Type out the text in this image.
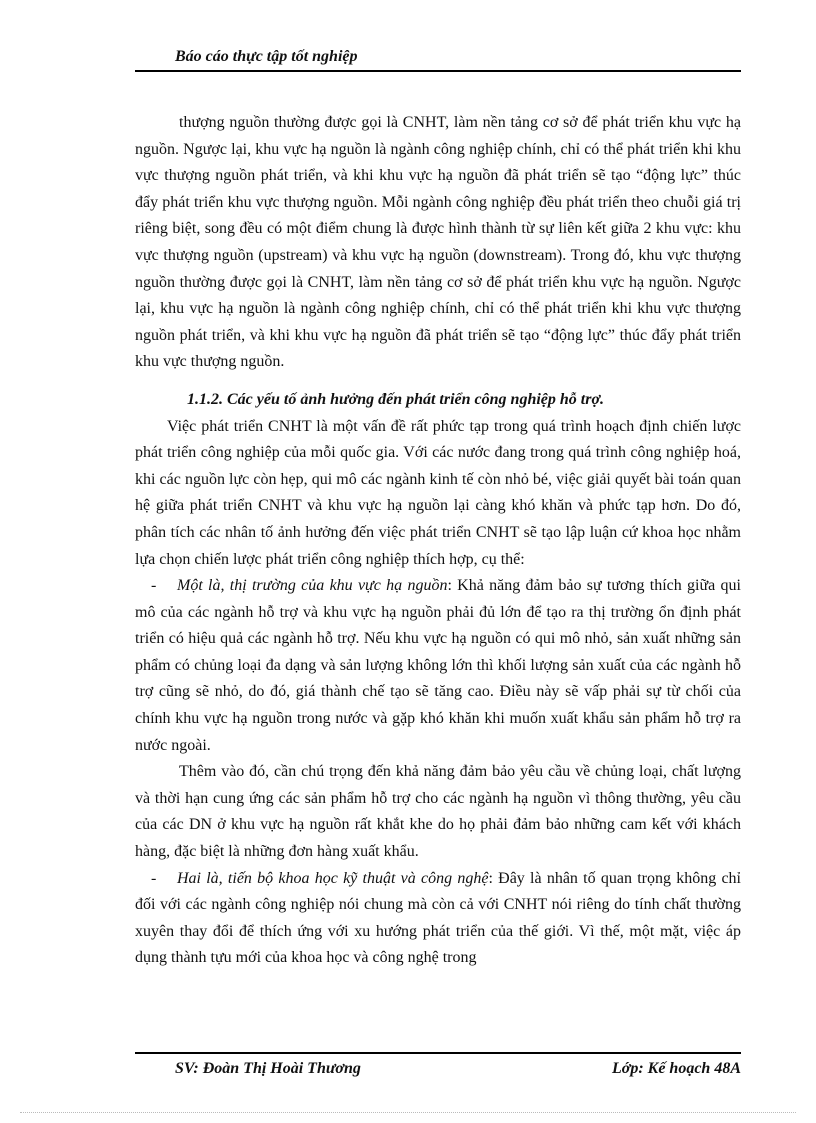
Báo cáo thực tập tốt nghiệp

thượng nguồn thường được gọi là CNHT, làm nền tảng cơ sở để phát triển khu vực hạ nguồn. Ngược lại, khu vực hạ nguồn là ngành công nghiệp chính, chỉ có thể phát triển khi khu vực thượng nguồn phát triển, và khi khu vực hạ nguồn đã phát triển sẽ tạo “động lực” thúc đẩy phát triển khu vực thượng nguồn. Mỗi ngành công nghiệp đều phát triển theo chuỗi giá trị riêng biệt, song đều có một điểm chung là được hình thành từ sự liên kết giữa 2 khu vực: khu vực thượng nguồn (upstream) và khu vực hạ nguồn (downstream). Trong đó, khu vực thượng nguồn thường được gọi là CNHT, làm nền tảng cơ sở để phát triển khu vực hạ nguồn. Ngược lại, khu vực hạ nguồn là ngành công nghiệp chính, chỉ có thể phát triển khi khu vực thượng nguồn phát triển, và khi khu vực hạ nguồn đã phát triển sẽ tạo “động lực” thúc đẩy phát triển khu vực thượng nguồn.

1.1.2. Các yếu tố ảnh hưởng đến phát triển công nghiệp hỗ trợ.

Việc phát triển CNHT là một vấn đề rất phức tạp trong quá trình hoạch định chiến lược phát triển công nghiệp của mỗi quốc gia. Với các nước đang trong quá trình công nghiệp hoá, khi các nguồn lực còn hẹp, qui mô các ngành kinh tế còn nhỏ bé, việc giải quyết bài toán quan hệ giữa phát triển CNHT và khu vực hạ nguồn lại càng khó khăn và phức tạp hơn. Do đó, phân tích các nhân tố ảnh hưởng đến việc phát triển CNHT sẽ tạo lập luận cứ khoa học nhằm lựa chọn chiến lược phát triển công nghiệp thích hợp, cụ thể:

- Một là, thị trường của khu vực hạ nguồn: Khả năng đảm bảo sự tương thích giữa qui mô của các ngành hỗ trợ và khu vực hạ nguồn phải đủ lớn để tạo ra thị trường ổn định phát triển có hiệu quả các ngành hỗ trợ. Nếu khu vực hạ nguồn có qui mô nhỏ, sản xuất những sản phẩm có chủng loại đa dạng và sản lượng không lớn thì khối lượng sản xuất của các ngành hỗ trợ cũng sẽ nhỏ, do đó, giá thành chế tạo sẽ tăng cao. Điều này sẽ vấp phải sự từ chối của chính khu vực hạ nguồn trong nước và gặp khó khăn khi muốn xuất khẩu sản phẩm hỗ trợ ra nước ngoài.

Thêm vào đó, cần chú trọng đến khả năng đảm bảo yêu cầu về chủng loại, chất lượng và thời hạn cung ứng các sản phẩm hỗ trợ cho các ngành hạ nguồn vì thông thường, yêu cầu của các DN ở khu vực hạ nguồn rất khắt khe do họ phải đảm bảo những cam kết với khách hàng, đặc biệt là những đơn hàng xuất khẩu.

- Hai là, tiến bộ khoa học kỹ thuật và công nghệ: Đây là nhân tố quan trọng không chỉ đối với các ngành công nghiệp nói chung mà còn cả với CNHT nói riêng do tính chất thường xuyên thay đổi để thích ứng với xu hướng phát triển của thế giới. Vì thế, một mặt, việc áp dụng thành tựu mới của khoa học và công nghệ trong

SV: Đoàn Thị Hoài Thương	Lớp: Kế hoạch 48A
